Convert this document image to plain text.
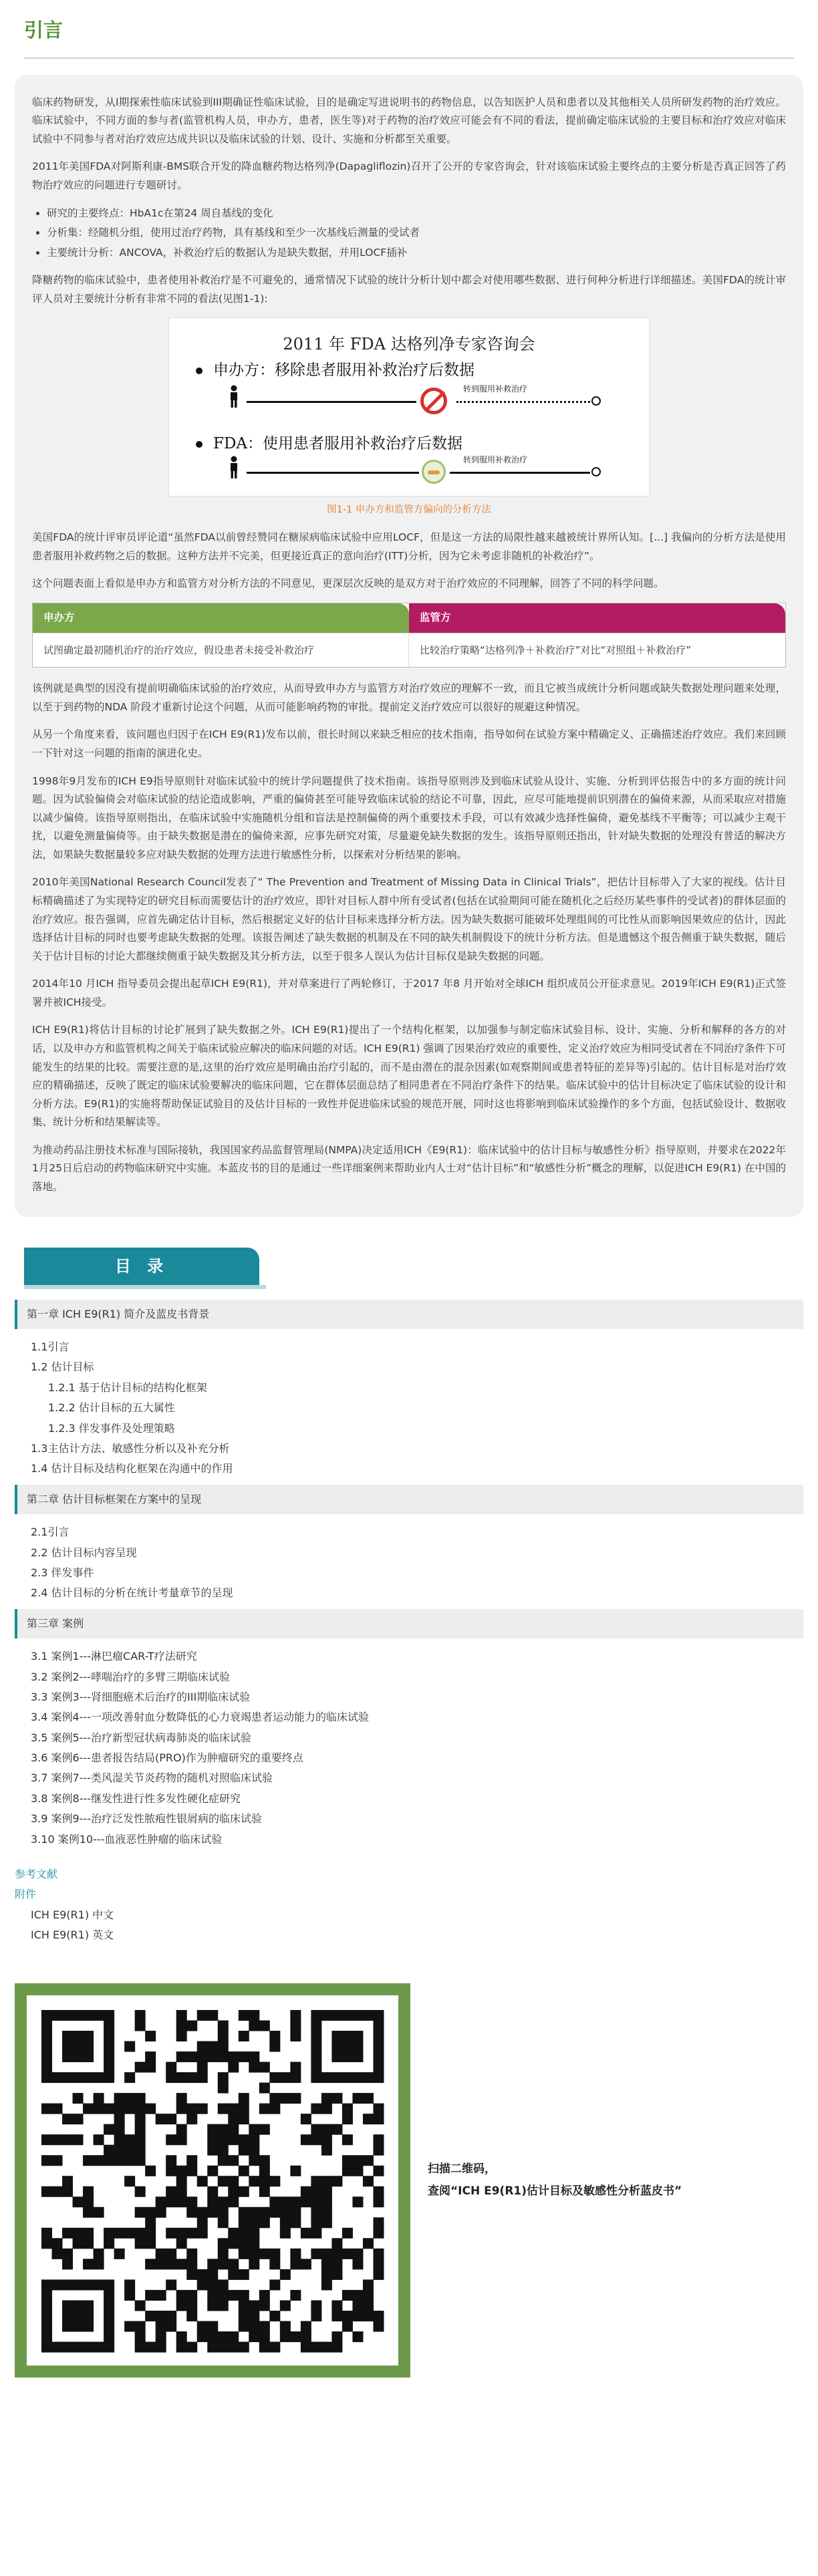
引言

临床药物研发，从I期探索性临床试验到III期确证性临床试验，目的是确定写进说明书的药物信息，以告知医护人员和患者以及其他相关人员所研发药物的治疗效应。临床试验中，不同方面的参与者(监管机构人员，申办方，患者，医生等)对于药物的治疗效应可能会有不同的看法，提前确定临床试验的主要目标和治疗效应对临床试验中不同参与者对治疗效应达成共识以及临床试验的计划、设计、实施和分析都至关重要。

2011年美国FDA对阿斯利康-BMS联合开发的降血糖药物达格列净(Dapagliflozin)召开了公开的专家咨询会，针对该临床试验主要终点的主要分析是否真正回答了药物治疗效应的问题进行专题研讨。

• 研究的主要终点：HbA1c在第24 周自基线的变化
• 分析集：经随机分组，使用过治疗药物，具有基线和至少一次基线后测量的受试者
• 主要统计分析：ANCOVA，补救治疗后的数据认为是缺失数据，并用LOCF插补

降糖药物的临床试验中，患者使用补救治疗是不可避免的，通常情况下试验的统计分析计划中都会对使用哪些数据、进行何种分析进行详细描述。美国FDA的统计审评人员对主要统计分析有非常不同的看法(见图1-1):

2011 年 FDA 达格列净专家咨询会
申办方：移除患者服用补救治疗后数据
转到服用补救治疗
FDA：使用患者服用补救治疗后数据
转到服用补救治疗
图1-1 申办方和监管方偏向的分析方法

美国FDA的统计评审员评论道“虽然FDA以前曾经赞同在糖尿病临床试验中应用LOCF，但是这一方法的局限性越来越被统计界所认知。[...] 我偏向的分析方法是使用患者服用补救药物之后的数据。这种方法并不完美，但更接近真正的意向治疗(ITT)分析，因为它未考虑非随机的补救治疗”。

这个问题表面上看似是申办方和监管方对分析方法的不同意见，更深层次反映的是双方对于治疗效应的不同理解，回答了不同的科学问题。

申办方	监管方
试图确定最初随机治疗的治疗效应，假设患者未接受补救治疗	比较治疗策略“达格列净＋补救治疗”对比“对照组＋补救治疗”

该例就是典型的因没有提前明确临床试验的治疗效应，从而导致申办方与监管方对治疗效应的理解不一致，而且它被当成统计分析问题或缺失数据处理问题来处理，以至于到药物的NDA 阶段才重新讨论这个问题，从而可能影响药物的审批。提前定义治疗效应可以很好的规避这种情况。

从另一个角度来看，该问题也归因于在ICH E9(R1)发布以前，很长时间以来缺乏相应的技术指南，指导如何在试验方案中精确定义、正确描述治疗效应。我们来回顾一下针对这一问题的指南的演进化史。

1998年9月发布的ICH E9指导原则针对临床试验中的统计学问题提供了技术指南。该指导原则涉及到临床试验从设计、实施、分析到评估报告中的多方面的统计问题。因为试验偏倚会对临床试验的结论造成影响，严重的偏倚甚至可能导致临床试验的结论不可靠，因此，应尽可能地提前识别潜在的偏倚来源，从而采取应对措施以减少偏倚。该指导原则指出，在临床试验中实施随机分组和盲法是控制偏倚的两个重要技术手段，可以有效减少选择性偏倚，避免基线不平衡等；可以减少主观干扰，以避免测量偏倚等。由于缺失数据是潜在的偏倚来源，应事先研究对策，尽量避免缺失数据的发生。该指导原则还指出，针对缺失数据的处理没有普适的解决方法，如果缺失数据量较多应对缺失数据的处理方法进行敏感性分析，以探索对分析结果的影响。

2010年美国National Research Council发表了“ The Prevention and Treatment of Missing Data in Clinical Trials”，把估计目标带入了大家的视线。估计目标精确描述了为实现特定的研究目标而需要估计的治疗效应，即针对目标人群中所有受试者(包括在试验期间可能在随机化之后经历某些事件的受试者)的群体层面的治疗效应。报告强调，应首先确定估计目标，然后根据定义好的估计目标来选择分析方法。因为缺失数据可能破坏处理组间的可比性从而影响因果效应的估计，因此选择估计目标的同时也要考虑缺失数据的处理。该报告阐述了缺失数据的机制及在不同的缺失机制假设下的统计分析方法。但是遗憾这个报告侧重于缺失数据，随后关于估计目标的讨论大都继续侧重于缺失数据及其分析方法，以至于很多人误认为估计目标仅是缺失数据的问题。

2014年10 月ICH 指导委员会提出起草ICH E9(R1)，并对草案进行了两轮修订，于2017 年8 月开始对全球ICH 组织成员公开征求意见。2019年ICH E9(R1)正式签署并被ICH接受。

ICH E9(R1)将估计目标的讨论扩展到了缺失数据之外。ICH E9(R1)提出了一个结构化框架，以加强参与制定临床试验目标、设计、实施、分析和解释的各方的对话，以及申办方和监管机构之间关于临床试验应解决的临床问题的对话。ICH E9(R1) 强调了因果治疗效应的重要性，定义治疗效应为相同受试者在不同治疗条件下可能发生的结果的比较。需要注意的是,这里的治疗效应是明确由治疗引起的，而不是由潜在的混杂因素(如观察期间或患者特征的差异等)引起的。估计目标是对治疗效应的精确描述，反映了既定的临床试验要解决的临床问题，它在群体层面总结了相同患者在不同治疗条件下的结果。临床试验中的估计目标决定了临床试验的设计和分析方法。E9(R1)的实施将帮助保证试验目的及估计目标的一致性并促进临床试验的规范开展，同时这也将影响到临床试验操作的多个方面，包括试验设计、数据收集、统计分析和结果解读等。

为推动药品注册技术标准与国际接轨，我国国家药品监督管理局(NMPA)决定适用ICH《E9(R1)：临床试验中的估计目标与敏感性分析》指导原则，并要求在2022年1月25日后启动的药物临床研究中实施。本蓝皮书的目的是通过一些详细案例来帮助业内人士对“估计目标”和“敏感性分析”概念的理解，以促进ICH E9(R1) 在中国的落地。

目 录
第一章 ICH E9(R1) 简介及蓝皮书背景
1.1引言
1.2 估计目标
1.2.1 基于估计目标的结构化框架
1.2.2 估计目标的五大属性
1.2.3 伴发事件及处理策略
1.3主估计方法、敏感性分析以及补充分析
1.4 估计目标及结构化框架在沟通中的作用
第二章 估计目标框架在方案中的呈现
2.1引言
2.2 估计目标内容呈现
2.3 伴发事件
2.4 估计目标的分析在统计考量章节的呈现
第三章 案例
3.1 案例1---淋巴瘤CAR-T疗法研究
3.2 案例2---哮喘治疗的多臂三期临床试验
3.3 案例3---肾细胞癌术后治疗的III期临床试验
3.4 案例4---一项改善射血分数降低的心力衰竭患者运动能力的临床试验
3.5 案例5---治疗新型冠状病毒肺炎的临床试验
3.6 案例6---患者报告结局(PRO)作为肿瘤研究的重要终点
3.7 案例7---类风湿关节炎药物的随机对照临床试验
3.8 案例8---继发性进行性多发性硬化症研究
3.9 案例9---治疗泛发性脓疱性银屑病的临床试验
3.10 案例10---血液恶性肿瘤的临床试验
参考文献
附件
ICH E9(R1) 中文
ICH E9(R1) 英文
扫描二维码，
查阅“ICH E9(R1)估计目标及敏感性分析蓝皮书”
